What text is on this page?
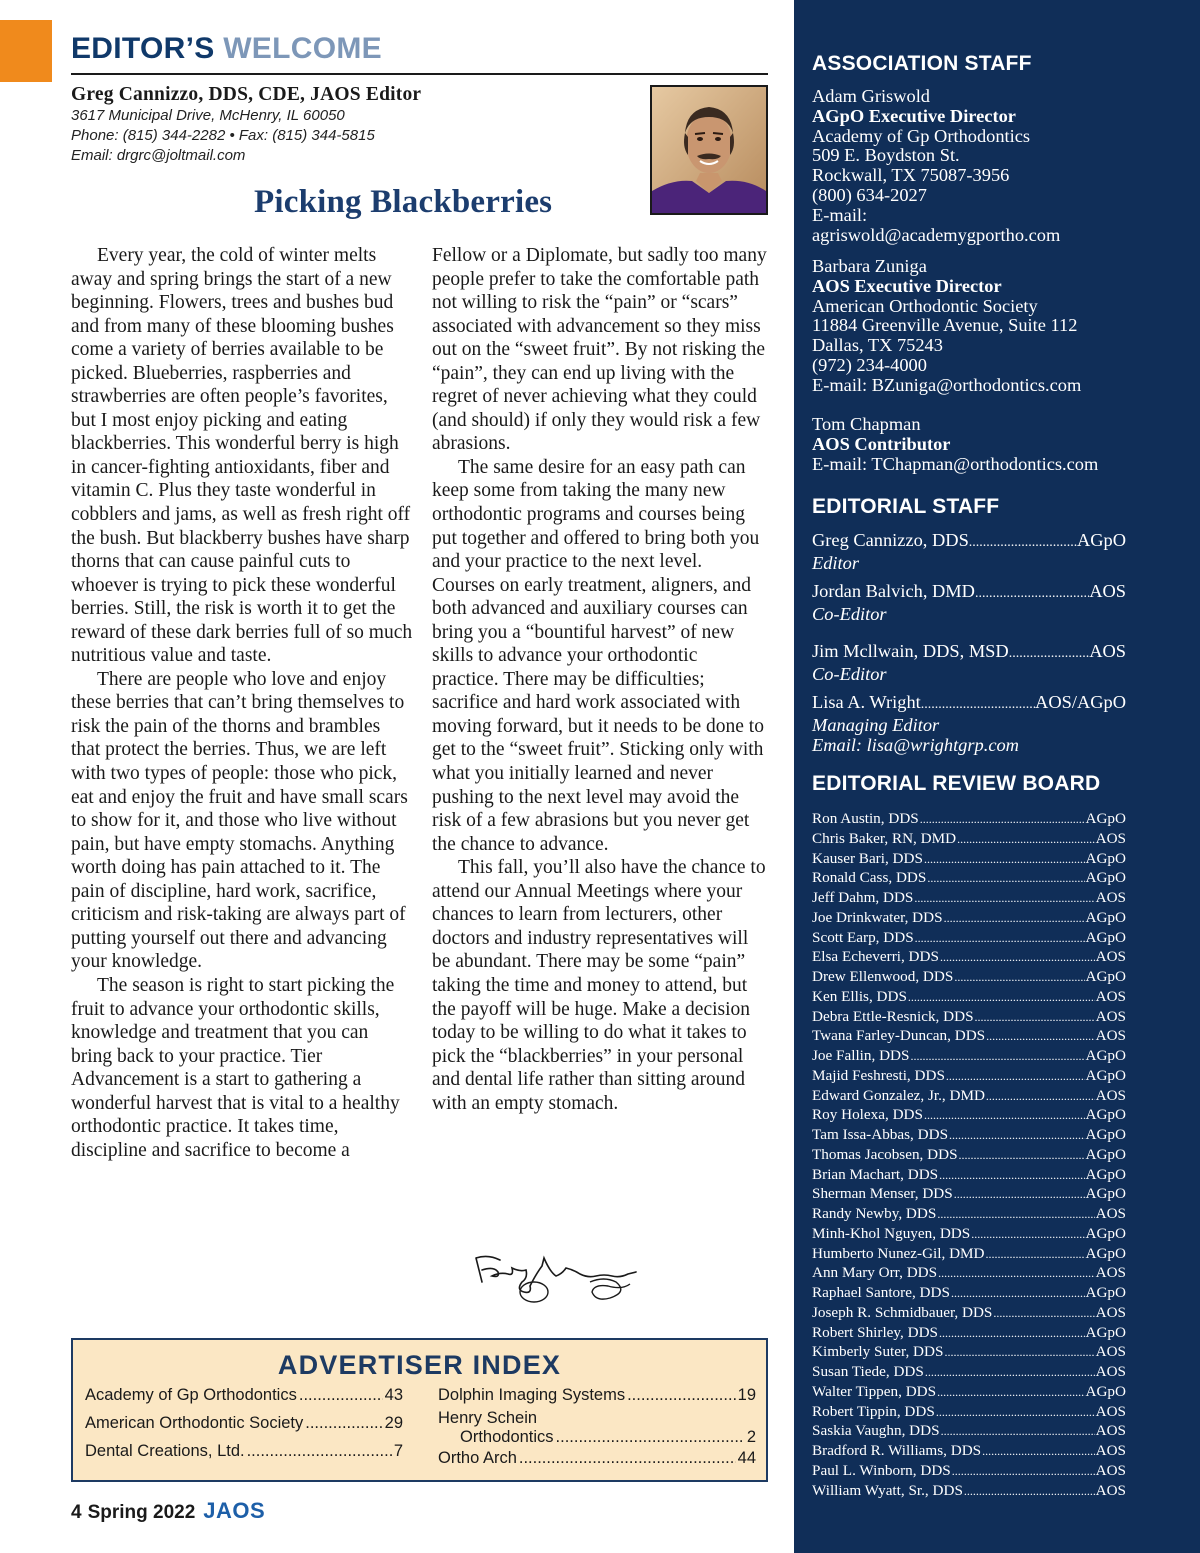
EDITOR’S WELCOME
Greg Cannizzo, DDS, CDE, JAOS Editor
3617 Municipal Drive, McHenry, IL 60050
Phone: (815) 344-2282 • Fax: (815) 344-5815
Email: drgrc@joltmail.com
Picking Blackberries

Every year, the cold of winter melts away and spring brings the start of a new beginning. Flowers, trees and bushes bud and from many of these blooming bushes come a variety of berries available to be picked. Blueberries, raspberries and strawberries are often people’s favorites, but I most enjoy picking and eating blackberries. This wonderful berry is high in cancer-fighting antioxidants, fiber and vitamin C. Plus they taste wonderful in cobblers and jams, as well as fresh right off the bush. But blackberry bushes have sharp thorns that can cause painful cuts to whoever is trying to pick these wonderful berries. Still, the risk is worth it to get the reward of these dark berries full of so much nutritious value and taste.

There are people who love and enjoy these berries that can’t bring themselves to risk the pain of the thorns and brambles that protect the berries. Thus, we are left with two types of people: those who pick, eat and enjoy the fruit and have small scars to show for it, and those who live without pain, but have empty stomachs. Anything worth doing has pain attached to it. The pain of discipline, hard work, sacrifice, criticism and risk-taking are always part of putting yourself out there and advancing your knowledge.

The season is right to start picking the fruit to advance your orthodontic skills, knowledge and treatment that you can bring back to your practice. Tier Advancement is a start to gathering a wonderful harvest that is vital to a healthy orthodontic practice. It takes time, discipline and sacrifice to become a

Fellow or a Diplomate, but sadly too many people prefer to take the comfortable path not willing to risk the “pain” or “scars” associated with advancement so they miss out on the “sweet fruit”. By not risking the “pain”, they can end up living with the regret of never achieving what they could (and should) if only they would risk a few abrasions.

The same desire for an easy path can keep some from taking the many new orthodontic programs and courses being put together and offered to bring both you and your practice to the next level. Courses on early treatment, aligners, and both advanced and auxiliary courses can bring you a “bountiful harvest” of new skills to advance your orthodontic practice. There may be difficulties; sacrifice and hard work associated with moving forward, but it needs to be done to get to the “sweet fruit”. Sticking only with what you initially learned and never pushing to the next level may avoid the risk of a few abrasions but you never get the chance to advance.

This fall, you’ll also have the chance to attend our Annual Meetings where your chances to learn from lecturers, other doctors and industry representatives will be abundant. There may be some “pain” taking the time and money to attend, but the payoff will be huge. Make a decision today to be willing to do what it takes to pick the “blackberries” in your personal and dental life rather than sitting around with an empty stomach.

ADVERTISER INDEX
Academy of Gp Orthodontics .....	43
American Orthodontic Society .....	29
Dental Creations, Ltd. .....	7
Dolphin Imaging Systems .....	19
Henry Schein
Orthodontics .....	2
Ortho Arch .....	44
4 Spring 2022 JAOS
ASSOCIATION STAFF
Adam Griswold
AGpO Executive Director
Academy of Gp Orthodontics
509 E. Boydston St.
Rockwall, TX 75087-3956
(800) 634-2027
E-mail:
agriswold@academygportho.com
Barbara Zuniga
AOS Executive Director
American Orthodontic Society
11884 Greenville Avenue, Suite 112
Dallas, TX 75243
(972) 234-4000
E-mail: BZuniga@orthodontics.com
Tom Chapman
AOS Contributor
E-mail: TChapman@orthodontics.com
EDITORIAL STAFF
Greg Cannizzo, DDS .....	AGpO
Editor
Jordan Balvich, DMD .....	AOS
Co-Editor
Jim Mcllwain, DDS, MSD .....	AOS
Co-Editor
Lisa A. Wright .....	AOS/AGpO
Managing Editor
Email: lisa@wrightgrp.com
EDITORIAL REVIEW BOARD
Ron Austin, DDS .....	AGpO
Chris Baker, RN, DMD .....	AOS
Kauser Bari, DDS .....	AGpO
Ronald Cass, DDS .....	AGpO
Jeff Dahm, DDS .....	AOS
Joe Drinkwater, DDS .....	AGpO
Scott Earp, DDS .....	AGpO
Elsa Echeverri, DDS .....	AOS
Drew Ellenwood, DDS .....	AGpO
Ken Ellis, DDS .....	AOS
Debra Ettle-Resnick, DDS .....	AOS
Twana Farley-Duncan, DDS .....	AOS
Joe Fallin, DDS .....	AGpO
Majid Feshresti, DDS .....	AGpO
Edward Gonzalez, Jr., DMD .....	AOS
Roy Holexa, DDS .....	AGpO
Tam Issa-Abbas, DDS .....	AGpO
Thomas Jacobsen, DDS .....	AGpO
Brian Machart, DDS .....	AGpO
Sherman Menser, DDS .....	AGpO
Randy Newby, DDS .....	AOS
Minh-Khol Nguyen, DDS .....	AGpO
Humberto Nunez-Gil, DMD .....	AGpO
Ann Mary Orr, DDS .....	AOS
Raphael Santore, DDS .....	AGpO
Joseph R. Schmidbauer, DDS .....	AOS
Robert Shirley, DDS .....	AGpO
Kimberly Suter, DDS .....	AOS
Susan Tiede, DDS .....	AOS
Walter Tippen, DDS .....	AGpO
Robert Tippin, DDS .....	AOS
Saskia Vaughn, DDS .....	AOS
Bradford R. Williams, DDS .....	AOS
Paul L. Winborn, DDS .....	AOS
William Wyatt, Sr., DDS .....	AOS
